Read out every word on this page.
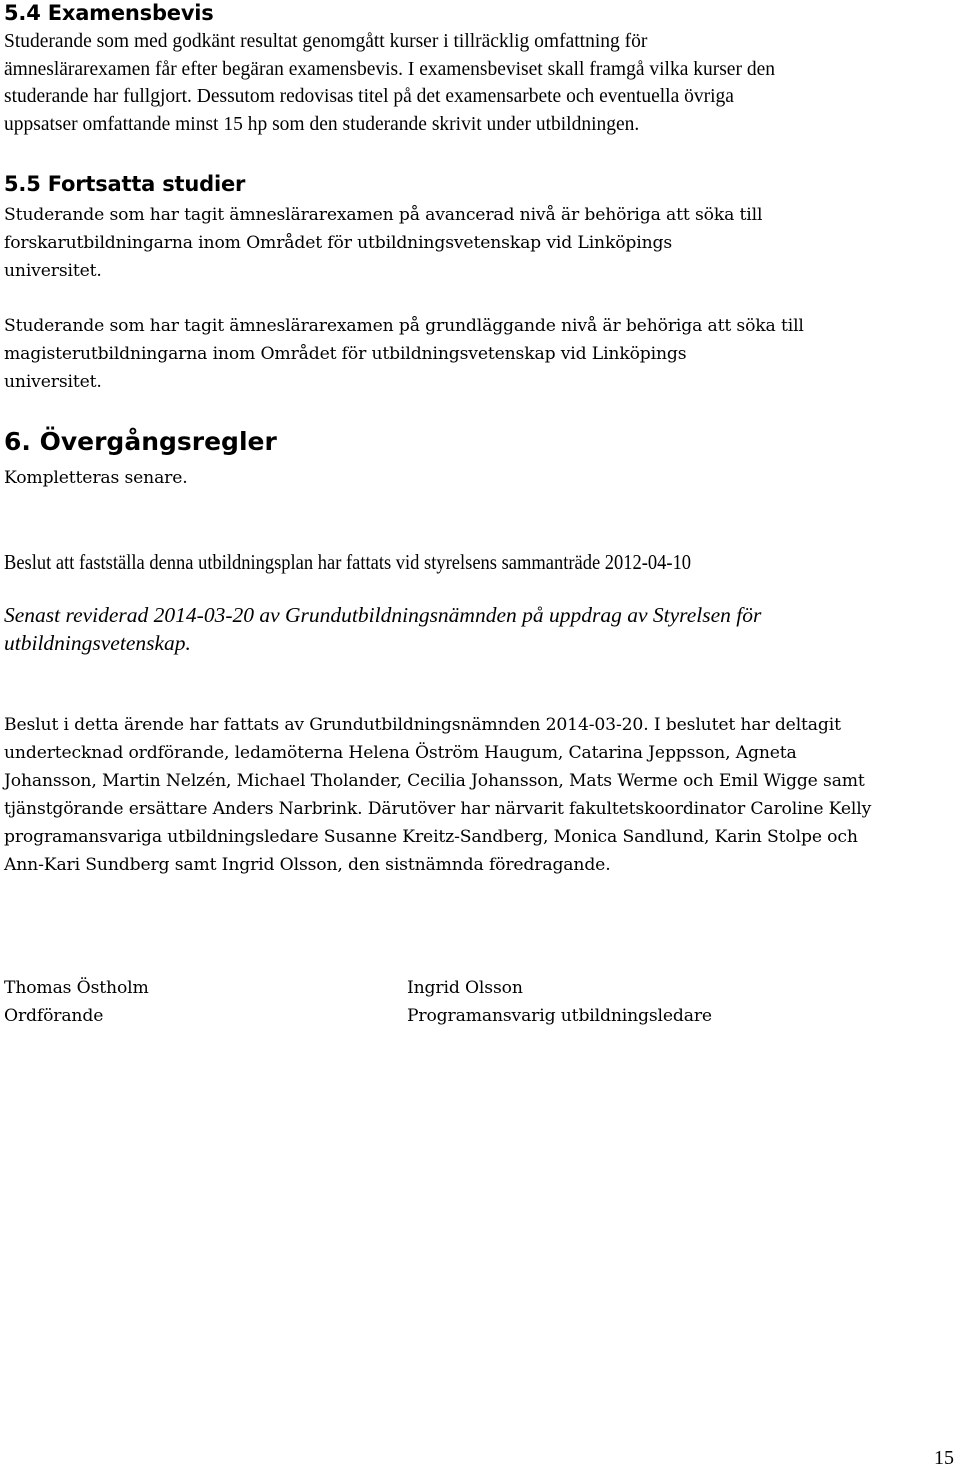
5.4 Examensbevis
Studerande som med godkänt resultat genomgått kurser i tillräcklig omfattning för
ämneslärarexamen får efter begäran examensbevis. I examensbeviset skall framgå vilka kurser den
studerande har fullgjort. Dessutom redovisas titel på det examensarbete och eventuella övriga
uppsatser omfattande minst 15 hp som den studerande skrivit under utbildningen.
5.5 Fortsatta studier
Studerande som har tagit ämneslärarexamen på avancerad nivå är behöriga att söka till
forskarutbildningarna inom Området för utbildningsvetenskap vid Linköpings
universitet.
Studerande som har tagit ämneslärarexamen på grundläggande nivå är behöriga att söka till
magisterutbildningarna inom Området för utbildningsvetenskap vid Linköpings
universitet.
6. Övergångsregler

Kompletteras senare.

Beslut att fastställa denna utbildningsplan har fattats vid styrelsens sammanträde 2012-04-10

Senast reviderad 2014-03-20 av Grundutbildningsnämnden på uppdrag av Styrelsen för
utbildningsvetenskap.
Beslut i detta ärende har fattats av Grundutbildningsnämnden 2014-03-20. I beslutet har deltagit
undertecknad ordförande, ledamöterna Helena Öström Haugum, Catarina Jeppsson, Agneta
Johansson, Martin Nelzén, Michael Tholander, Cecilia Johansson, Mats Werme och Emil Wigge samt
tjänstgörande ersättare Anders Narbrink. Därutöver har närvarit fakultetskoordinator Caroline Kelly
programansvariga utbildningsledare Susanne Kreitz-Sandberg, Monica Sandlund, Karin Stolpe och
Ann-Kari Sundberg samt Ingrid Olsson, den sistnämnda föredragande.
Thomas Östholm
Ordförande
Ingrid Olsson
Programansvarig utbildningsledare
15
